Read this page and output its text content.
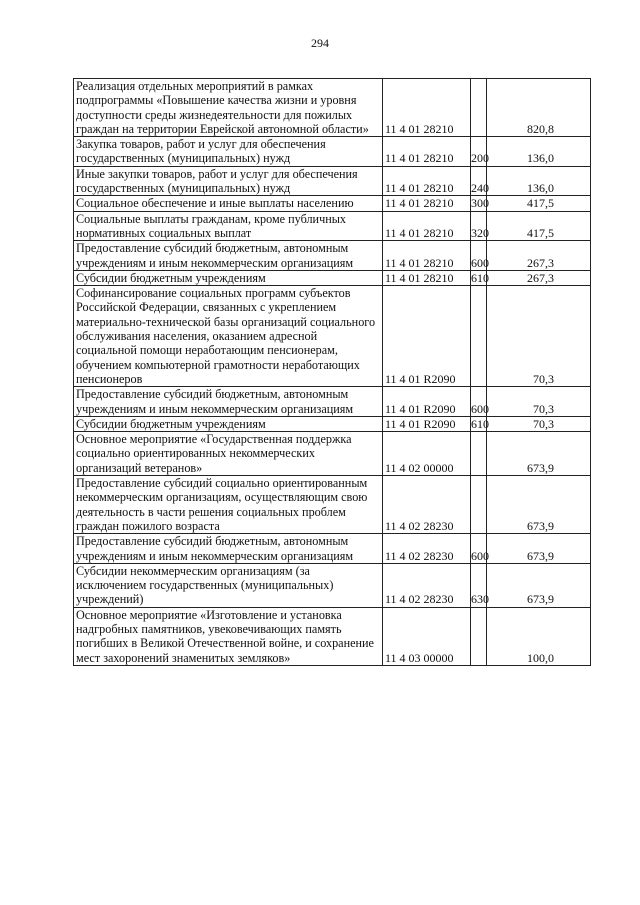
294
Реализация отдельных мероприятий в рамках подпрограммы «Повышение качества жизни и уровня доступности среды жизнедеятельности для пожилых граждан на территории Еврейской автономной области»	11 4 01 28210		820,8

Закупка товаров, работ и услуг для обеспечения государственных (муниципальных) нужд	11 4 01 28210	200	136,0

Иные закупки товаров, работ и услуг для обеспечения государственных (муниципальных) нужд	11 4 01 28210	240	136,0

Социальное обеспечение и иные выплаты населению	11 4 01 28210	300	417,5

Социальные выплаты гражданам, кроме публичных нормативных социальных выплат	11 4 01 28210	320	417,5

Предоставление субсидий бюджетным, автономным учреждениям и иным некоммерческим организациям	11 4 01 28210	600	267,3

Субсидии бюджетным учреждениям	11 4 01 28210	610	267,3

Софинансирование социальных программ субъектов Российской Федерации, связанных с укреплением материально-технической базы организаций социального обслуживания населения, оказанием адресной социальной помощи неработающим пенсионерам, обучением компьютерной грамотности неработающих пенсионеров	11 4 01 R2090		70,3

Предоставление субсидий бюджетным, автономным учреждениям и иным некоммерческим организациям	11 4 01 R2090	600	70,3

Субсидии бюджетным учреждениям	11 4 01 R2090	610	70,3

Основное мероприятие «Государственная поддержка социально ориентированных некоммерческих организаций ветеранов»	11 4 02 00000		673,9

Предоставление субсидий социально ориентированным некоммерческим организациям, осуществляющим свою деятельность в части решения социальных проблем граждан пожилого возраста	11 4 02 28230		673,9

Предоставление субсидий бюджетным, автономным учреждениям и иным некоммерческим организациям	11 4 02 28230	600	673,9

Субсидии некоммерческим организациям (за исключением государственных (муниципальных) учреждений)	11 4 02 28230	630	673,9

Основное мероприятие «Изготовление и установка надгробных памятников, увековечивающих память погибших в Великой Отечественной войне, и сохранение мест захоронений знаменитых земляков»	11 4 03 00000		100,0
